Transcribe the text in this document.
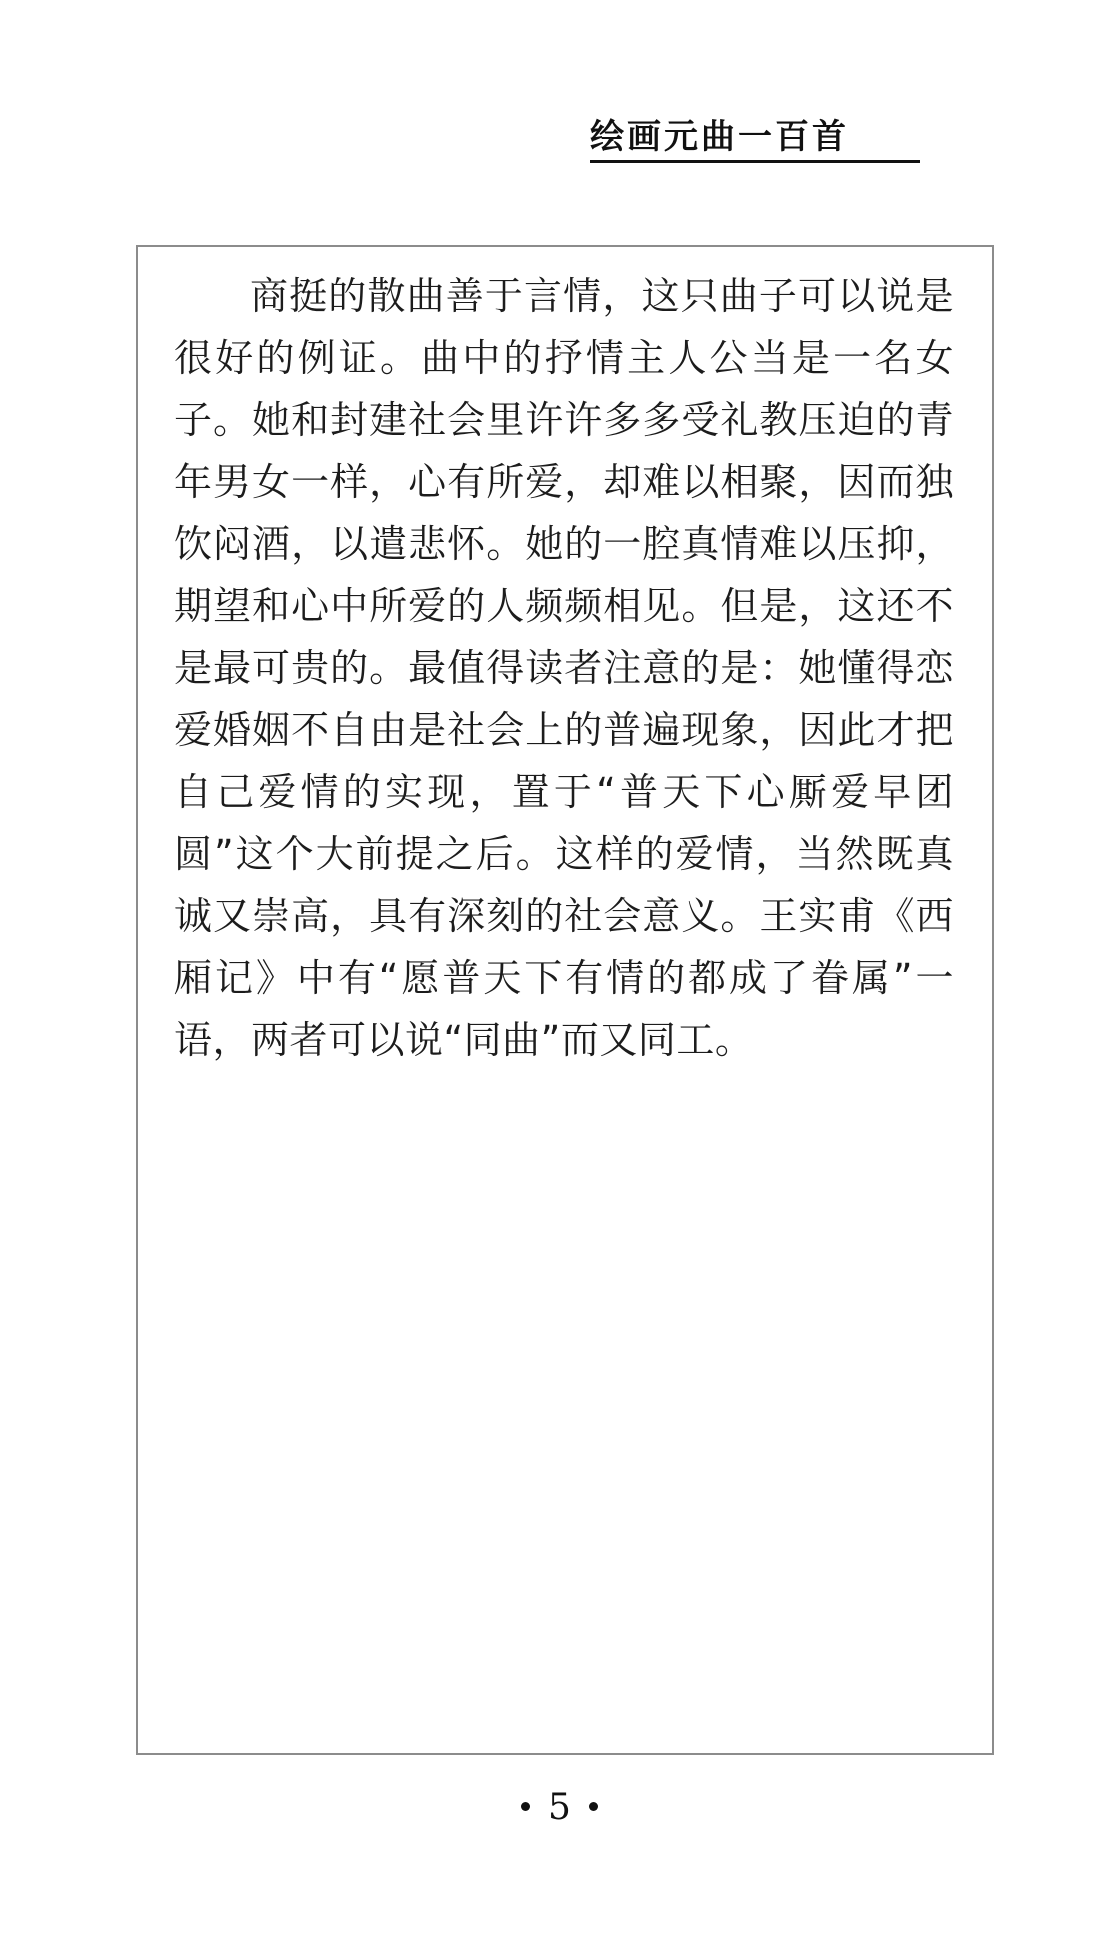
绘画元曲一百首

商挺的散曲善于言情，这只曲子可以说是很好的例证。曲中的抒情主人公当是一名女子。她和封建社会里许许多多受礼教压迫的青年男女一样，心有所爱，却难以相聚，因而独饮闷酒，以遣悲怀。她的一腔真情难以压抑，期望和心中所爱的人频频相见。但是，这还不是最可贵的。最值得读者注意的是：她懂得恋爱婚姻不自由是社会上的普遍现象，因此才把自己爱情的实现，置于“普天下心厮爱早团圆”这个大前提之后。这样的爱情，当然既真诚又崇高，具有深刻的社会意义。王实甫《西厢记》中有“愿普天下有情的都成了眷属”一语，两者可以说“同曲”而又同工。

5
